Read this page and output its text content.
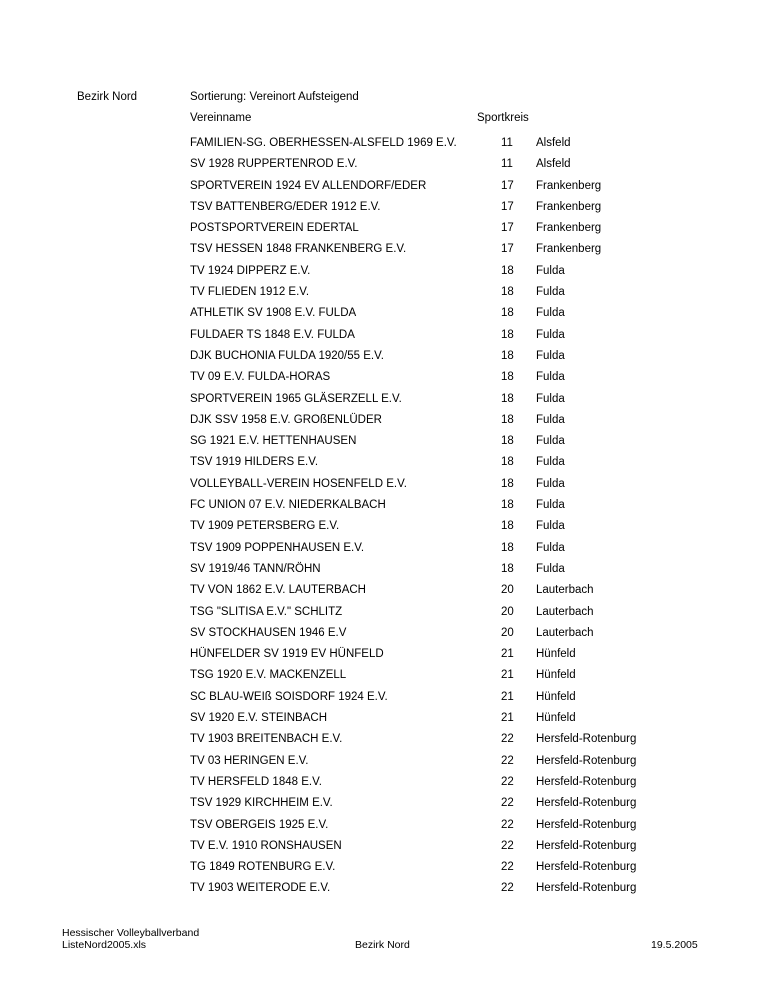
Bezirk Nord	Sortierung: Vereinort Aufsteigend
Vereinname	Sportkreis
FAMILIEN-SG. OBERHESSEN-ALSFELD 1969 E.V.	11 Alsfeld
SV 1928 RUPPERTENROD E.V.	11 Alsfeld
SPORTVEREIN 1924 EV ALLENDORF/EDER	17 Frankenberg
TSV BATTENBERG/EDER 1912 E.V.	17 Frankenberg
POSTSPORTVEREIN EDERTAL	17 Frankenberg
TSV HESSEN 1848 FRANKENBERG E.V.	17 Frankenberg
TV 1924 DIPPERZ E.V.	18 Fulda
TV FLIEDEN 1912 E.V.	18 Fulda
ATHLETIK SV 1908 E.V. FULDA	18 Fulda
FULDAER TS 1848 E.V. FULDA	18 Fulda
DJK BUCHONIA FULDA 1920/55 E.V.	18 Fulda
TV 09 E.V. FULDA-HORAS	18 Fulda
SPORTVEREIN 1965 GLÄSERZELL E.V.	18 Fulda
DJK SSV 1958 E.V. GROßENLÜDER	18 Fulda
SG 1921 E.V. HETTENHAUSEN	18 Fulda
TSV 1919 HILDERS E.V.	18 Fulda
VOLLEYBALL-VEREIN HOSENFELD E.V.	18 Fulda
FC UNION 07 E.V. NIEDERKALBACH	18 Fulda
TV 1909 PETERSBERG E.V.	18 Fulda
TSV 1909 POPPENHAUSEN E.V.	18 Fulda
SV 1919/46 TANN/RÖHN	18 Fulda
TV VON 1862 E.V. LAUTERBACH	20 Lauterbach
TSG "SLITISA E.V." SCHLITZ	20 Lauterbach
SV STOCKHAUSEN 1946 E.V	20 Lauterbach
HÜNFELDER SV 1919 EV HÜNFELD	21 Hünfeld
TSG 1920 E.V. MACKENZELL	21 Hünfeld
SC BLAU-WEIß SOISDORF 1924 E.V.	21 Hünfeld
SV 1920 E.V. STEINBACH	21 Hünfeld
TV 1903 BREITENBACH E.V.	22 Hersfeld-Rotenburg
TV 03 HERINGEN E.V.	22 Hersfeld-Rotenburg
TV HERSFELD 1848 E.V.	22 Hersfeld-Rotenburg
TSV 1929 KIRCHHEIM E.V.	22 Hersfeld-Rotenburg
TSV OBERGEIS 1925 E.V.	22 Hersfeld-Rotenburg
TV E.V. 1910 RONSHAUSEN	22 Hersfeld-Rotenburg
TG 1849 ROTENBURG E.V.	22 Hersfeld-Rotenburg
TV 1903 WEITERODE E.V.	22 Hersfeld-Rotenburg
Hessischer Volleyballverband
ListeNord2005.xls	Bezirk Nord	19.5.2005
